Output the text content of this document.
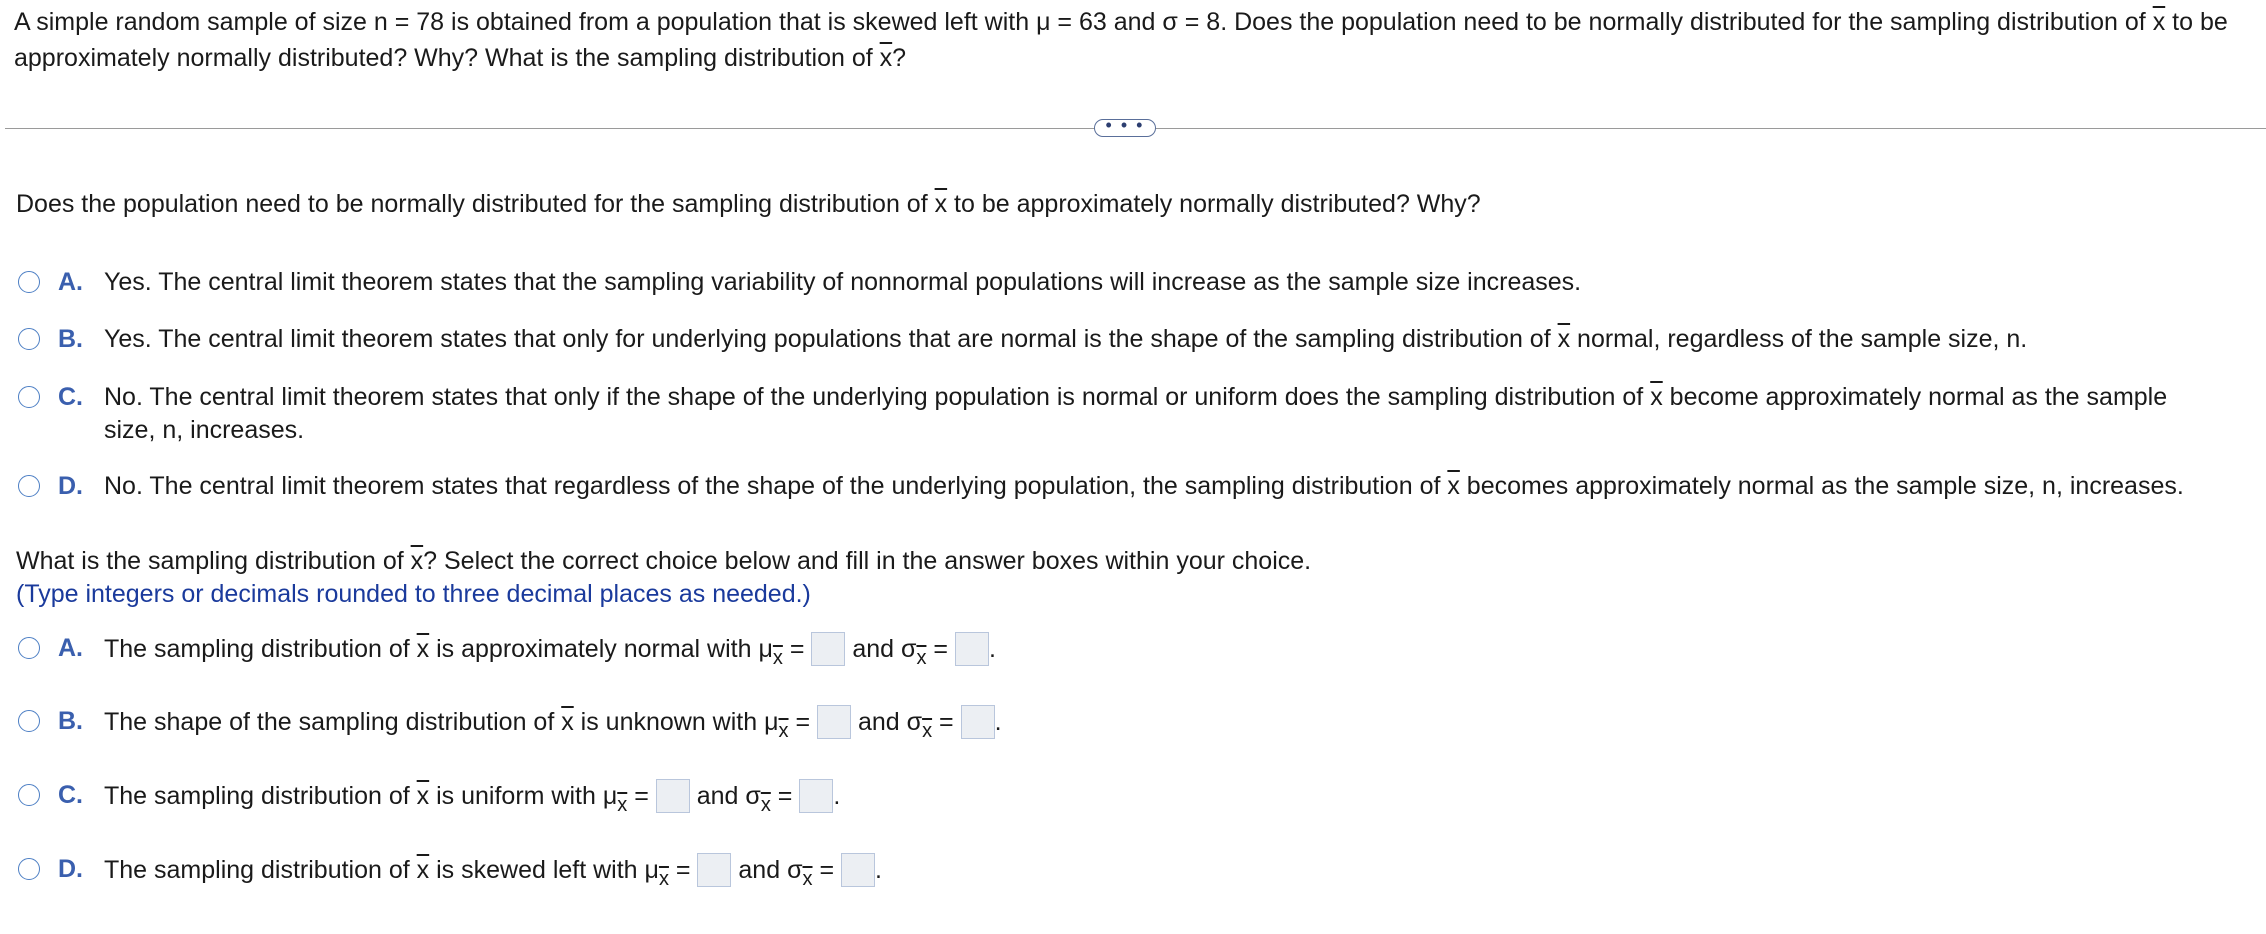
A simple random sample of size n = 78 is obtained from a population that is skewed left with μ = 63 and σ = 8. Does the population need to be normally distributed for the sampling distribution of $\overline{x}$ to be approximately normally distributed? Why? What is the sampling distribution of $\overline{x}$?
• • •
Does the population need to be normally distributed for the sampling distribution of $\overline{x}$ to be approximately normally distributed? Why?
A. Yes. The central limit theorem states that the sampling variability of nonnormal populations will increase as the sample size increases.
B. Yes. The central limit theorem states that only for underlying populations that are normal is the shape of the sampling distribution of $\overline{x}$ normal, regardless of the sample size, n.
C. No. The central limit theorem states that only if the shape of the underlying population is normal or uniform does the sampling distribution of $\overline{x}$ become approximately normal as the sample size, n, increases.
D. No. The central limit theorem states that regardless of the shape of the underlying population, the sampling distribution of $\overline{x}$ becomes approximately normal as the sample size, n, increases.
What is the sampling distribution of $\overline{x}$? Select the correct choice below and fill in the answer boxes within your choice.
(Type integers or decimals rounded to three decimal places as needed.)
A. The sampling distribution of $\overline{x}$ is approximately normal with $\mu_{\overline{x}}$ = and $\sigma_{\overline{x}}$ = .
B. The shape of the sampling distribution of $\overline{x}$ is unknown with $\mu_{\overline{x}}$ = and $\sigma_{\overline{x}}$ = .
C. The sampling distribution of $\overline{x}$ is uniform with $\mu_{\overline{x}}$ = and $\sigma_{\overline{x}}$ = .
D. The sampling distribution of $\overline{x}$ is skewed left with $\mu_{\overline{x}}$ = and $\sigma_{\overline{x}}$ = .
